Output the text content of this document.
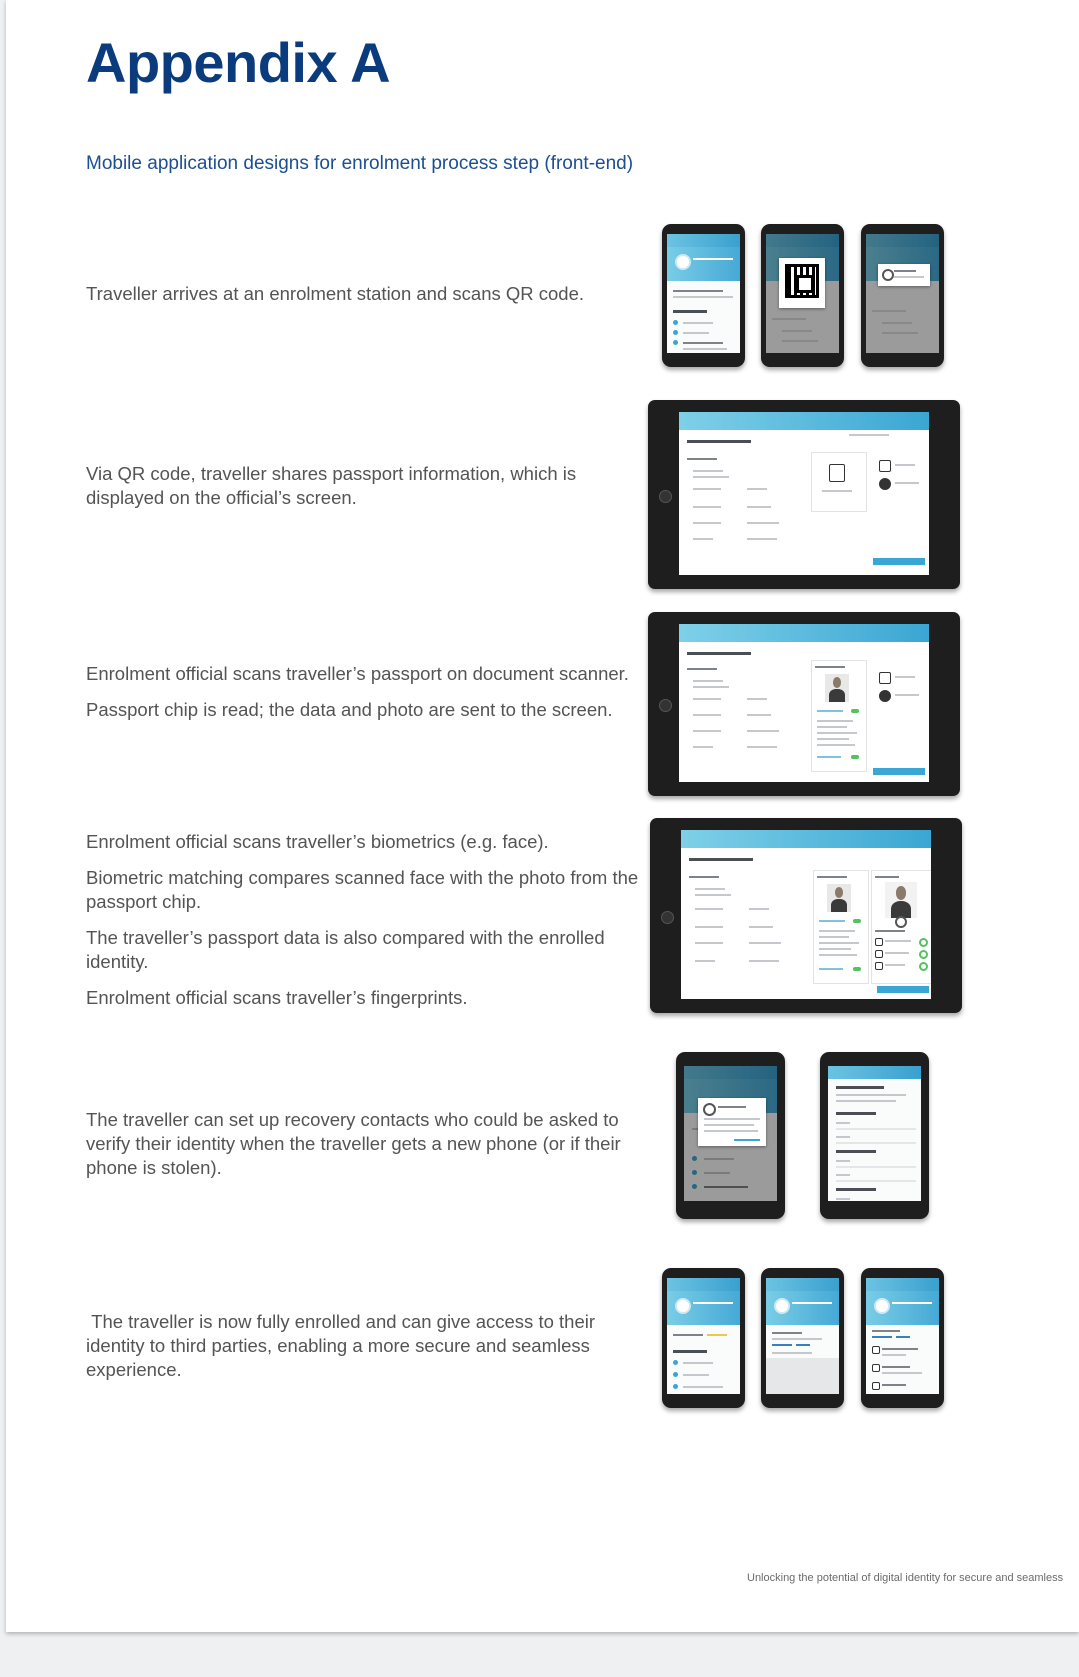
Appendix A
Mobile application designs for enrolment process step (front-end)

Traveller arrives at an enrolment station and scans QR code.

Via QR code, traveller shares passport information, which is displayed on the official’s screen.

Enrolment official scans traveller’s passport on document scanner.

Passport chip is read; the data and photo are sent to the screen.

Enrolment official scans traveller’s biometrics (e.g. face).

Biometric matching compares scanned face with the photo from the passport chip.

The traveller’s passport data is also compared with the enrolled identity.

Enrolment official scans traveller’s fingerprints.

The traveller can set up recovery contacts who could be asked to verify their identity when the traveller gets a new phone (or if their phone is stolen).

The traveller is now fully enrolled and can give access to their identity to third parties, enabling a more secure and seamless experience.

Unlocking the potential of digital identity for secure and seamless
